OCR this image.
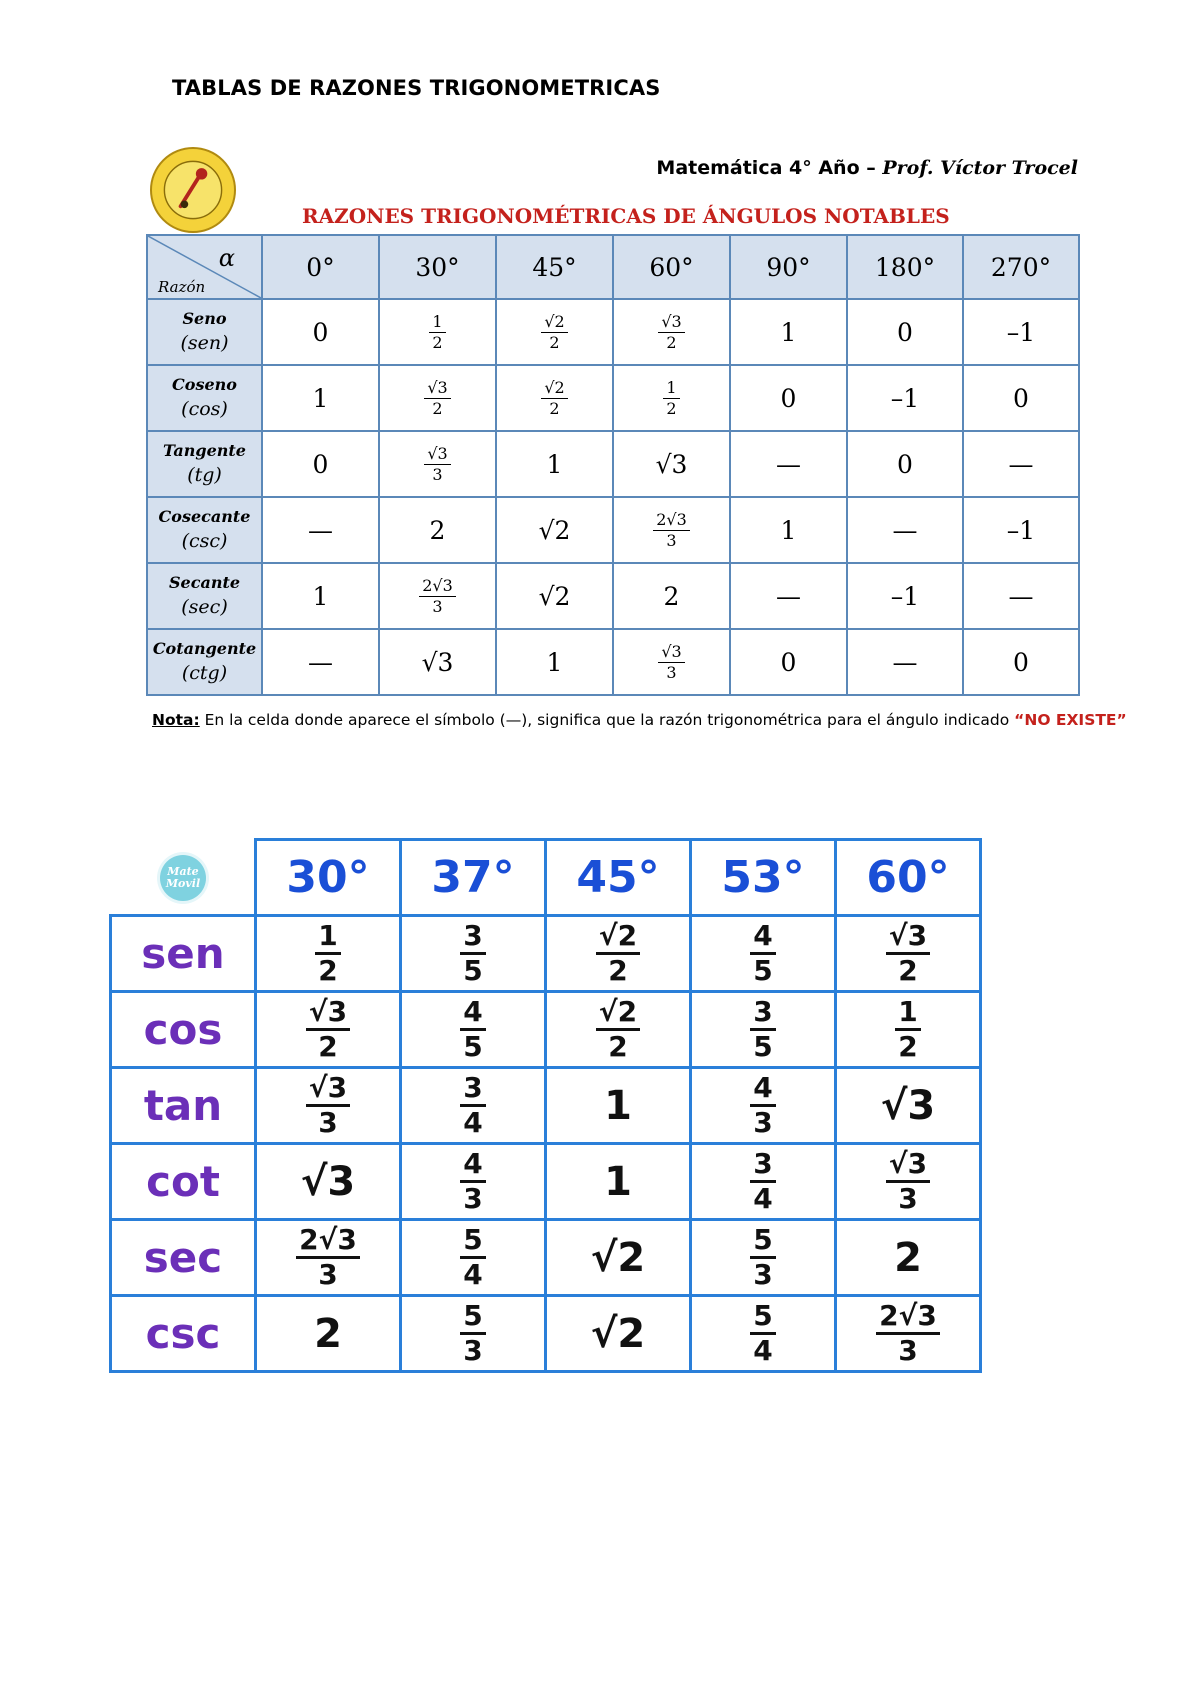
TABLAS DE RAZONES TRIGONOMETRICAS
Matemática 4° Año – Prof. Víctor Trocel
RAZONES TRIGONOMÉTRICAS DE ÁNGULOS NOTABLES
α
Razón	0°	30°	45°	60°	90°	180°	270°

Seno
(sen)	0	$\frac{1}{2}$	$\frac{√2}{2}$	$\frac{√3}{2}$	1	0	–1

Coseno
(cos)	1	$\frac{√3}{2}$	$\frac{√2}{2}$	$\frac{1}{2}$	0	–1	0

Tangente
(tg)	0	$\frac{√3}{3}$	1	√3	—	0	—

Cosecante
(csc)	—	2	√2	$\frac{2√3}{3}$	1	—	–1

Secante
(sec)	1	$\frac{2√3}{3}$	√2	2	—	–1	—

Cotangente
(ctg)	—	√3	1	$\frac{√3}{3}$	0	—	0
Nota: En la celda donde aparece el símbolo (—), significa que la razón trigonométrica para el ángulo indicado “NO EXISTE”
Mate Movil	30°	37°	45°	53°	60°
sen	$\frac{1}{2}$	$\frac{3}{5}$	$\frac{√2}{2}$	$\frac{4}{5}$	$\frac{√3}{2}$

cos	$\frac{√3}{2}$	$\frac{4}{5}$	$\frac{√2}{2}$	$\frac{3}{5}$	$\frac{1}{2}$

tan	$\frac{√3}{3}$	$\frac{3}{4}$	1	$\frac{4}{3}$	√3
cot	√3	$\frac{4}{3}$	1	$\frac{3}{4}$	$\frac{√3}{3}$

sec	$\frac{2√3}{3}$	$\frac{5}{4}$	√2	$\frac{5}{3}$	2
csc	2	$\frac{5}{3}$	√2	$\frac{5}{4}$	$\frac{2√3}{3}$
